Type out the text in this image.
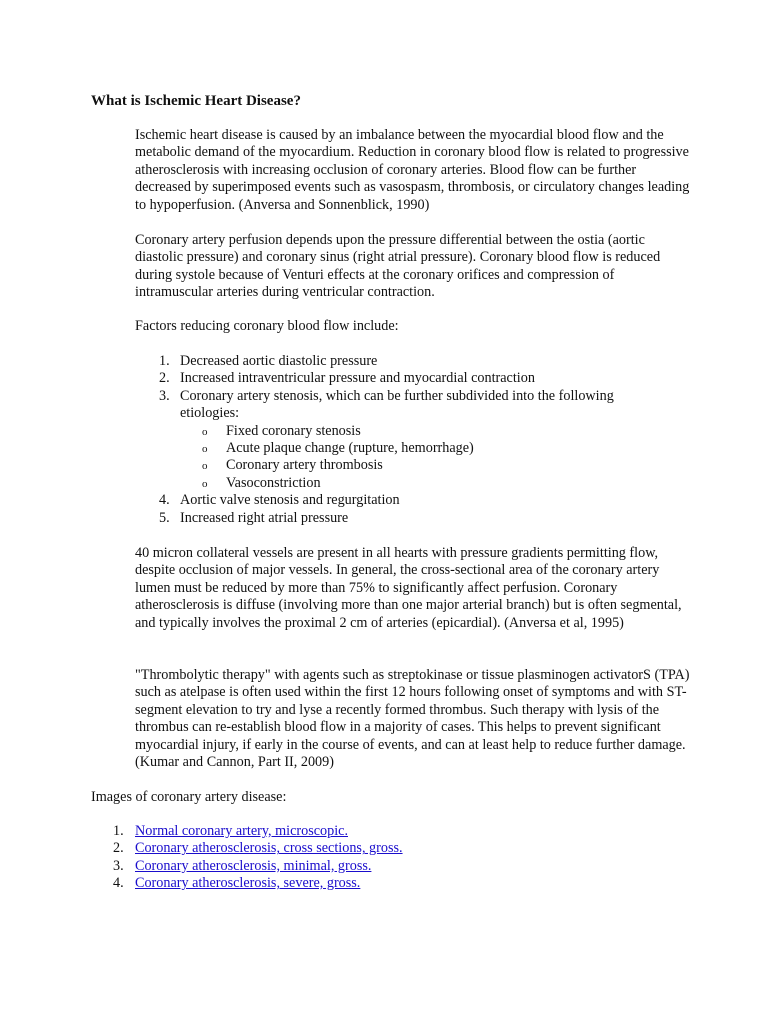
What is Ischemic Heart Disease?

Ischemic heart disease is caused by an imbalance between the myocardial blood flow and the metabolic demand of the myocardium. Reduction in coronary blood flow is related to progressive atherosclerosis with increasing occlusion of coronary arteries. Blood flow can be further decreased by superimposed events such as vasospasm, thrombosis, or circulatory changes leading to hypoperfusion. (Anversa and Sonnenblick, 1990)

Coronary artery perfusion depends upon the pressure differential between the ostia (aortic diastolic pressure) and coronary sinus (right atrial pressure). Coronary blood flow is reduced during systole because of Venturi effects at the coronary orifices and compression of intramuscular arteries during ventricular contraction.

Factors reducing coronary blood flow include:

1. Decreased aortic diastolic pressure
2. Increased intraventricular pressure and myocardial contraction
3. Coronary artery stenosis, which can be further subdivided into the following etiologies:
o Fixed coronary stenosis
o Acute plaque change (rupture, hemorrhage)
o Coronary artery thrombosis
o Vasoconstriction
4. Aortic valve stenosis and regurgitation
5. Increased right atrial pressure

40 micron collateral vessels are present in all hearts with pressure gradients permitting flow, despite occlusion of major vessels. In general, the cross-sectional area of the coronary artery lumen must be reduced by more than 75% to significantly affect perfusion. Coronary atherosclerosis is diffuse (involving more than one major arterial branch) but is often segmental, and typically involves the proximal 2 cm of arteries (epicardial). (Anversa et al, 1995)

"Thrombolytic therapy" with agents such as streptokinase or tissue plasminogen activatorS (TPA) such as atelpase is often used within the first 12 hours following onset of symptoms and with ST-segment elevation to try and lyse a recently formed thrombus. Such therapy with lysis of the thrombus can re-establish blood flow in a majority of cases. This helps to prevent significant myocardial injury, if early in the course of events, and can at least help to reduce further damage. (Kumar and Cannon, Part II, 2009)

Images of coronary artery disease:

1. Normal coronary artery, microscopic.
2. Coronary atherosclerosis, cross sections, gross.
3. Coronary atherosclerosis, minimal, gross.
4. Coronary atherosclerosis, severe, gross.
